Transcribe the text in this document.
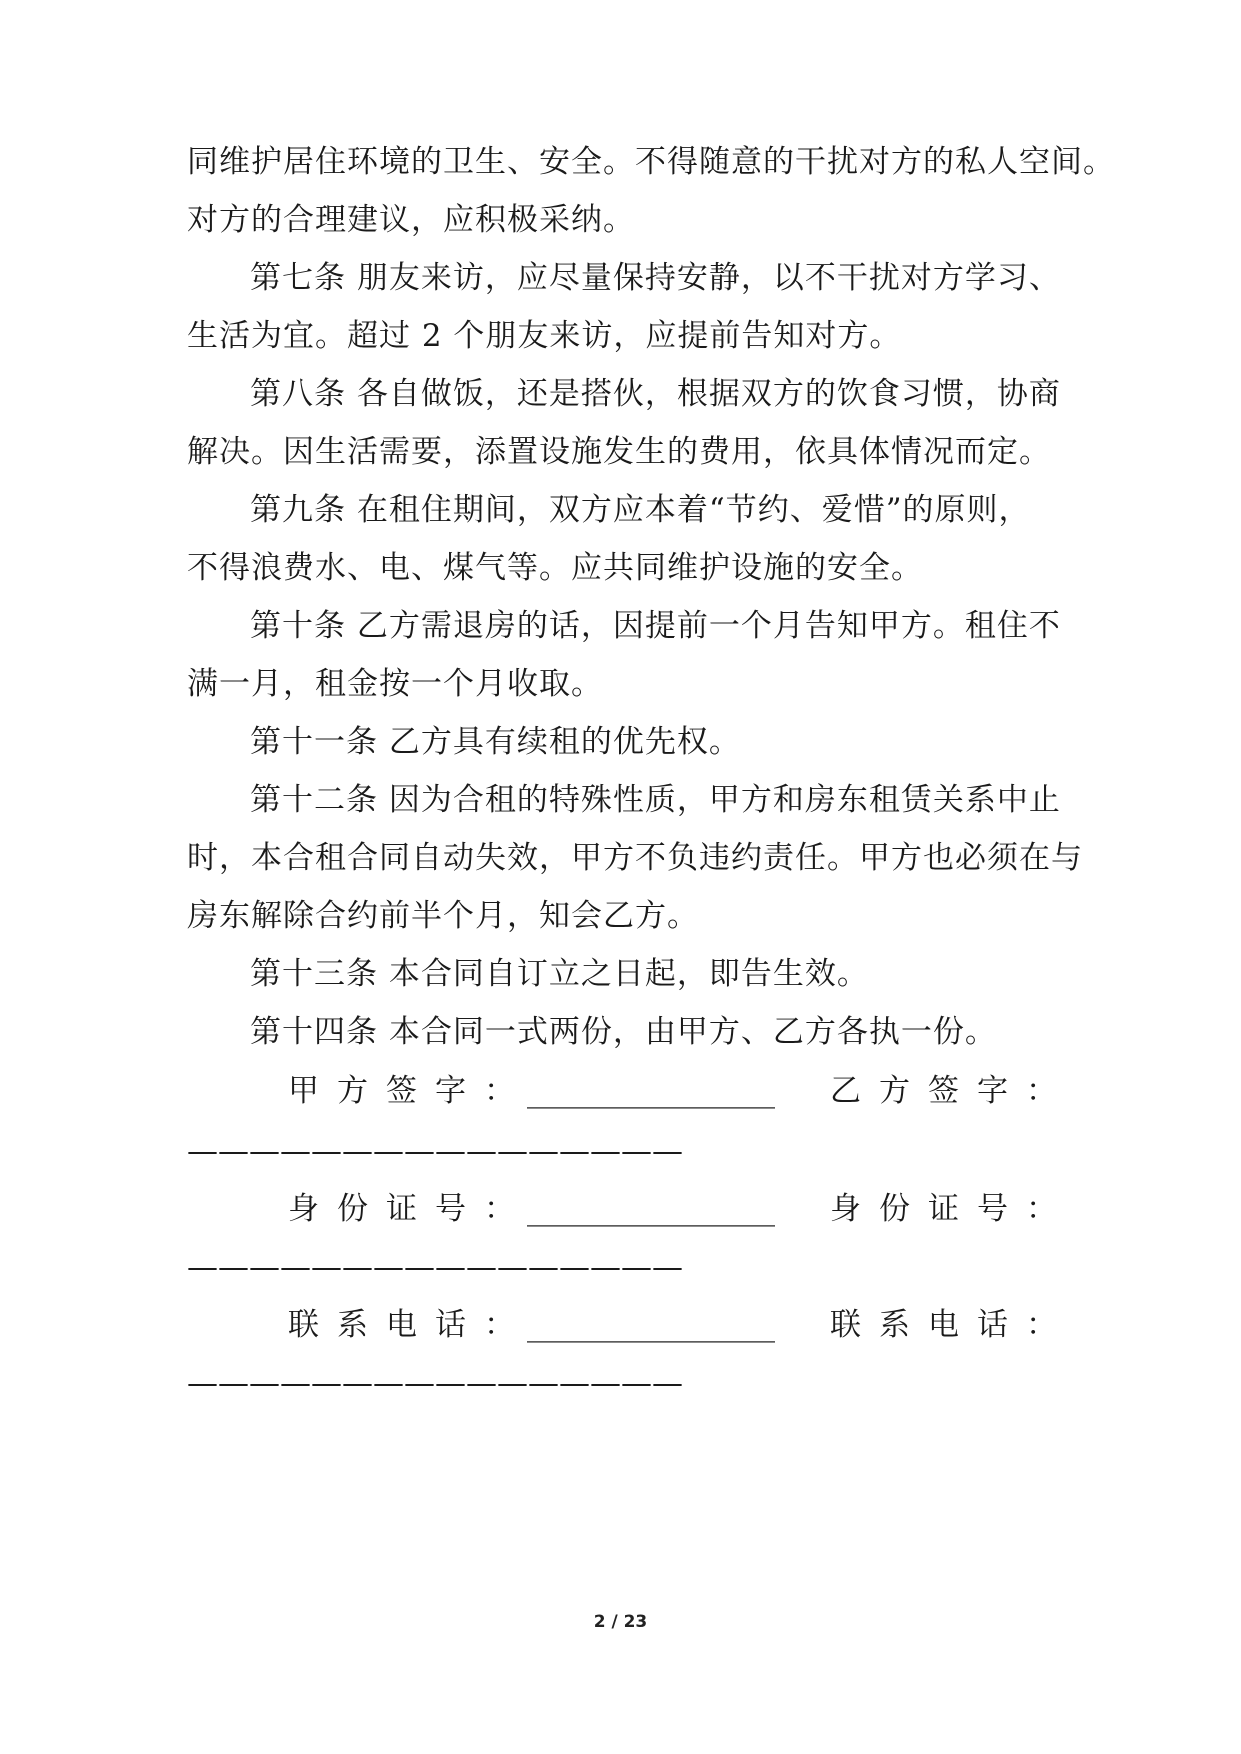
同维护居住环境的卫生、安全。不得随意的干扰对方的私人空间。
对方的合理建议，应积极采纳。
第七条 朋友来访，应尽量保持安静，以不干扰对方学习、
生活为宜。超过 2 个朋友来访，应提前告知对方。
第八条 各自做饭，还是搭伙，根据双方的饮食习惯，协商
解决。因生活需要，添置设施发生的费用，依具体情况而定。
第九条 在租住期间，双方应本着“节约、爱惜”的原则，
不得浪费水、电、煤气等。应共同维护设施的安全。
第十条 乙方需退房的话，因提前一个月告知甲方。租住不
满一月，租金按一个月收取。
第十一条 乙方具有续租的优先权。
第十二条 因为合租的特殊性质，甲方和房东租赁关系中止
时，本合租合同自动失效，甲方不负违约责任。甲方也必须在与
房东解除合约前半个月，知会乙方。
第十三条 本合同自订立之日起，即告生效。
第十四条 本合同一式两份，由甲方、乙方各执一份。
甲方签字：
________________ 乙方签字：
————————————————
身份证号：
________________ 身份证号：
————————————————
联系电话：
________________ 联系电话：
————————————————
2 / 23
